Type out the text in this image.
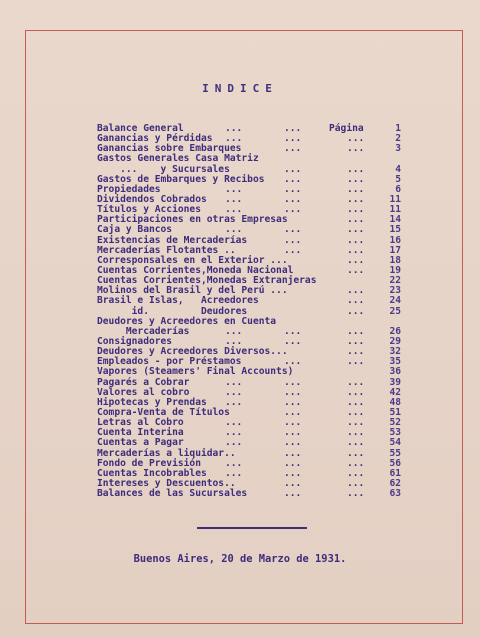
INDICE
Balance General	...	...	Página	1
Ganancias y Pérdidas ...	...	...	2
Ganancias sobre Embarques	...	...	3
Gastos Generales Casa Matriz
...    y Sucursales	...	...	4
Gastos de Embarques y Recibos ...	...	5
Propiedades	...	...	...	6
Dividendos Cobrados ...	...	...	11
Títulos y Acciones	...	...	...	11
Participaciones en otras Empresas	...	14
Caja y Bancos	...	...	...	15
Existencias de Mercaderías	...	...	16
Mercaderías Flotantes ..	...	...	17
Corresponsales en el Exterior ...	...	18
Cuentas Corrientes,Moneda Nacional	...	19
Cuentas Corrientes,Monedas Extranjeras	22
Molinos del Brasil y del Perú ...	...	23
Brasil e Islas,   Acreedores	...	24
id.         Deudores	...	25
Deudores y Acreedores en Cuenta
Mercaderías	...	...	...	26
Consignadores	...	...	...	29
Deudores y Acreedores Diversos...	...	32
Empleados - por Préstamos	...	...	35
Vapores (Steamers' Final Accounts)	36
Pagarés a Cobrar	...	...	...	39
Valores al cobro	...	...	...	42
Hipotecas y Prendas ...	...	...	48
Compra-Venta de Títulos	...	...	51
Letras al Cobro	...	...	...	52
Cuenta Interina	...	...	...	53
Cuentas a Pagar	...	...	...	54
Mercaderías a liquidar..	...	...	55
Fondo de Previsión	...	...	...	56
Cuentas Incobrables ...	...	...	61
Intereses y Descuentos..	...	...	62
Balances de las Sucursales	...	...	63
Buenos Aires, 20 de Marzo de 1931.
